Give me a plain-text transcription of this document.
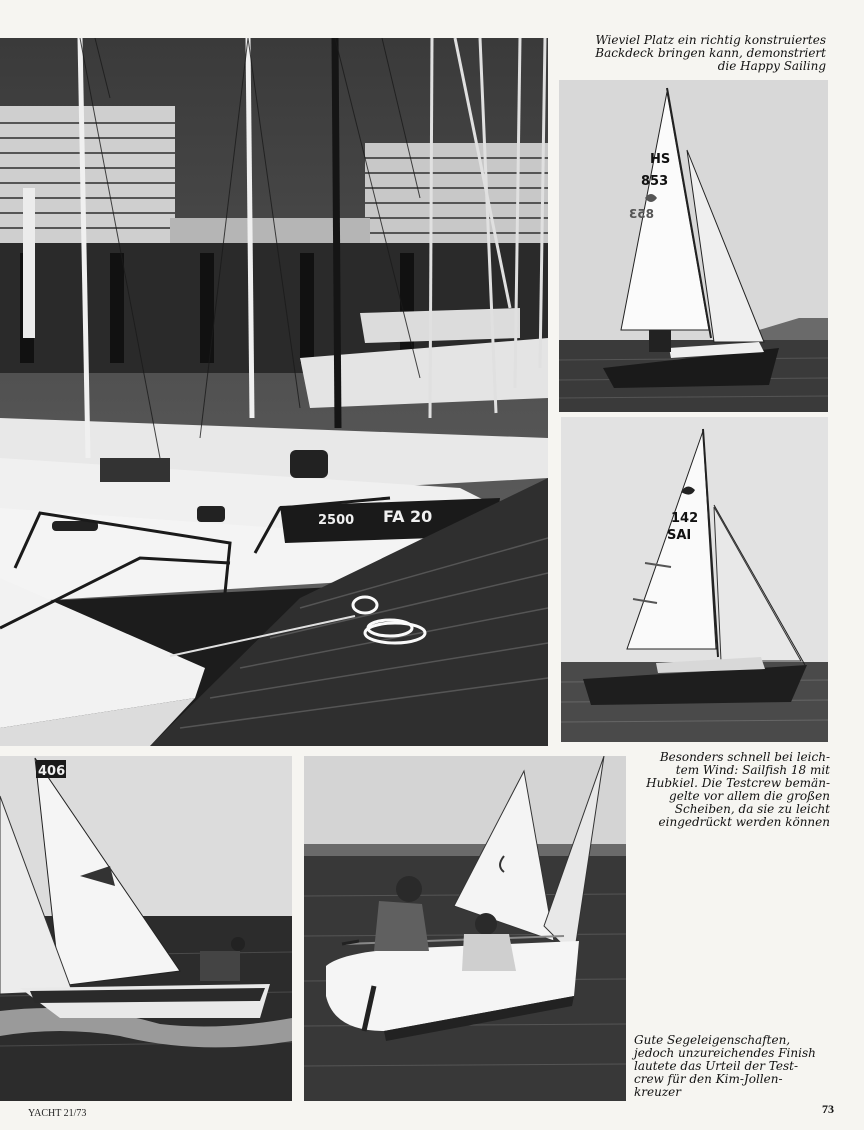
2500 FA 20
Wieviel Platz ein richtig konstruiertes
Backdeck bringen kann, demonstriert
die Happy Sailing
HS
853
853
142
SAI
Besonders schnell bei leich-
tem Wind: Sailfish 18 mit
Hubkiel. Die Testcrew bemän-
gelte vor allem die großen
Scheiben, da sie zu leicht
eingedrückt werden können
406
Gute Segeleigenschaften,
jedoch unzureichendes Finish
lautete das Urteil der Test-
crew für den Kim-Jollen-
kreuzer
YACHT 21/73	73
